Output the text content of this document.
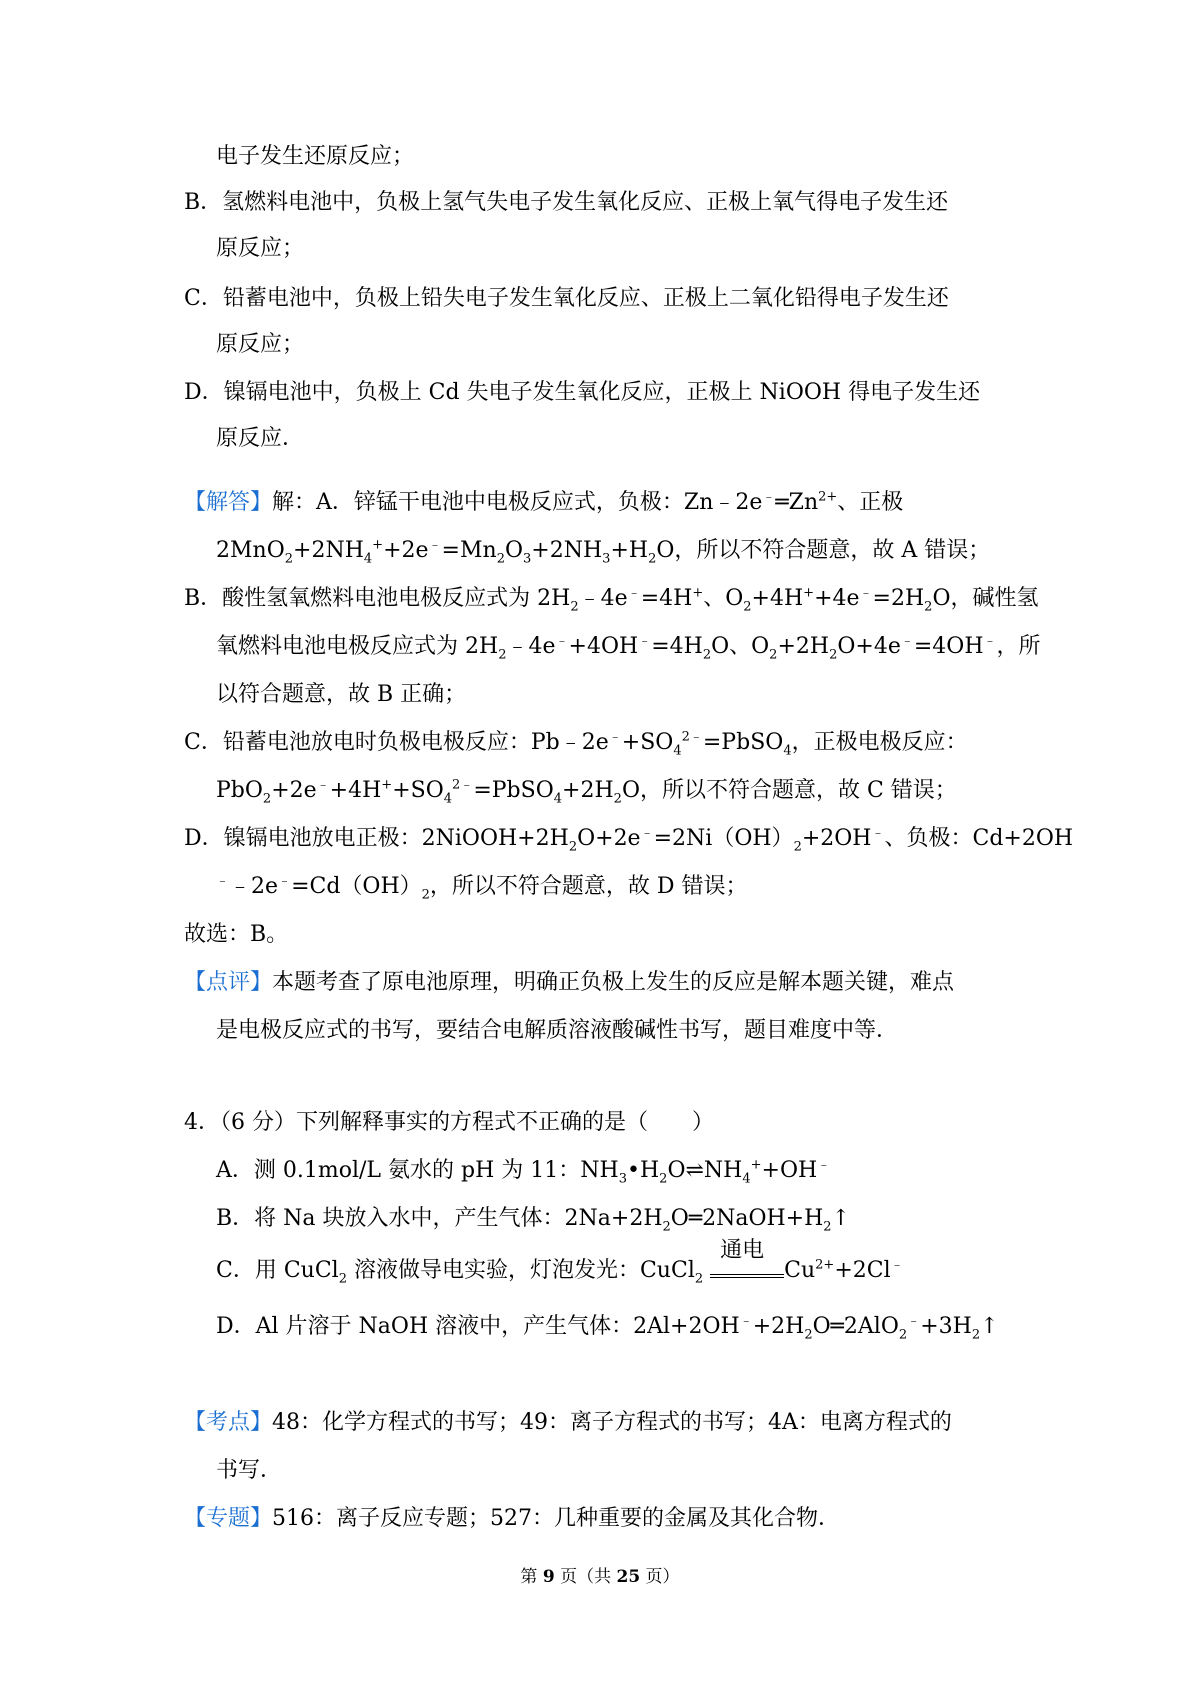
电子发生还原反应；
B．氢燃料电池中，负极上氢气失电子发生氧化反应、正极上氧气得电子发生还
原反应；
C．铅蓄电池中，负极上铅失电子发生氧化反应、正极上二氧化铅得电子发生还
原反应；
D．镍镉电池中，负极上 Cd 失电子发生氧化反应，正极上 NiOOH 得电子发生还
原反应．
【解答】解：A．锌锰干电池中电极反应式，负极：$Zn﹣2e^﹣═Zn^{2+}$、正极
$2MnO_2+2NH_4^++2e^﹣=Mn_2O_3+2NH_3+H_2O$，所以不符合题意，故 A 错误；
B．酸性氢氧燃料电池电极反应式为 $2H_2﹣4e^﹣=4H^+$、$O_2+4H^++4e^﹣=2H_2O$，碱性氢
氧燃料电池电极反应式为 $2H_2﹣4e^﹣+4OH^﹣=4H_2O$、$O_2+2H_2O+4e^﹣=4OH^﹣$，所
以符合题意，故 B 正确；
C．铅蓄电池放电时负极电极反应：$Pb﹣2e^﹣+SO_4^{2﹣}=PbSO_4$，正极电极反应：
$PbO_2+2e^﹣+4H^++SO_4^{2﹣}=PbSO_4+2H_2O$，所以不符合题意，故 C 错误；
D．镍镉电池放电正极：$2NiOOH+2H_2O+2e^﹣=2Ni(OH)_2+2OH^﹣$、负极：Cd+2OH
$^﹣﹣2e^﹣=Cd(OH)_2$，所以不符合题意，故 D 错误；
故选：B。
【点评】本题考查了原电池原理，明确正负极上发生的反应是解本题关键，难点
是电极反应式的书写，要结合电解质溶液酸碱性书写，题目难度中等．
4．（6 分）下列解释事实的方程式不正确的是（　　）
A．测 0.1mol/L 氨水的 pH 为 11：$NH_3•H_2O\rightleftharpoons NH_4^++OH^﹣$
B．将 Na 块放入水中，产生气体：$2Na+2H_2O═2NaOH+H_2↑$
C．用 CuCl$_2$ 溶液做导电实验，灯泡发光：CuCl$_2$
通电
$Cu^{2+}+2Cl^﹣$
D．Al 片溶于 NaOH 溶液中，产生气体：$2Al+2OH^﹣+2H_2O═2AlO_2^﹣+3H_2↑$
【考点】48：化学方程式的书写；49：离子方程式的书写；4A：电离方程式的
书写．
【专题】516：离子反应专题；527：几种重要的金属及其化合物．
第 9 页（共 25 页）
